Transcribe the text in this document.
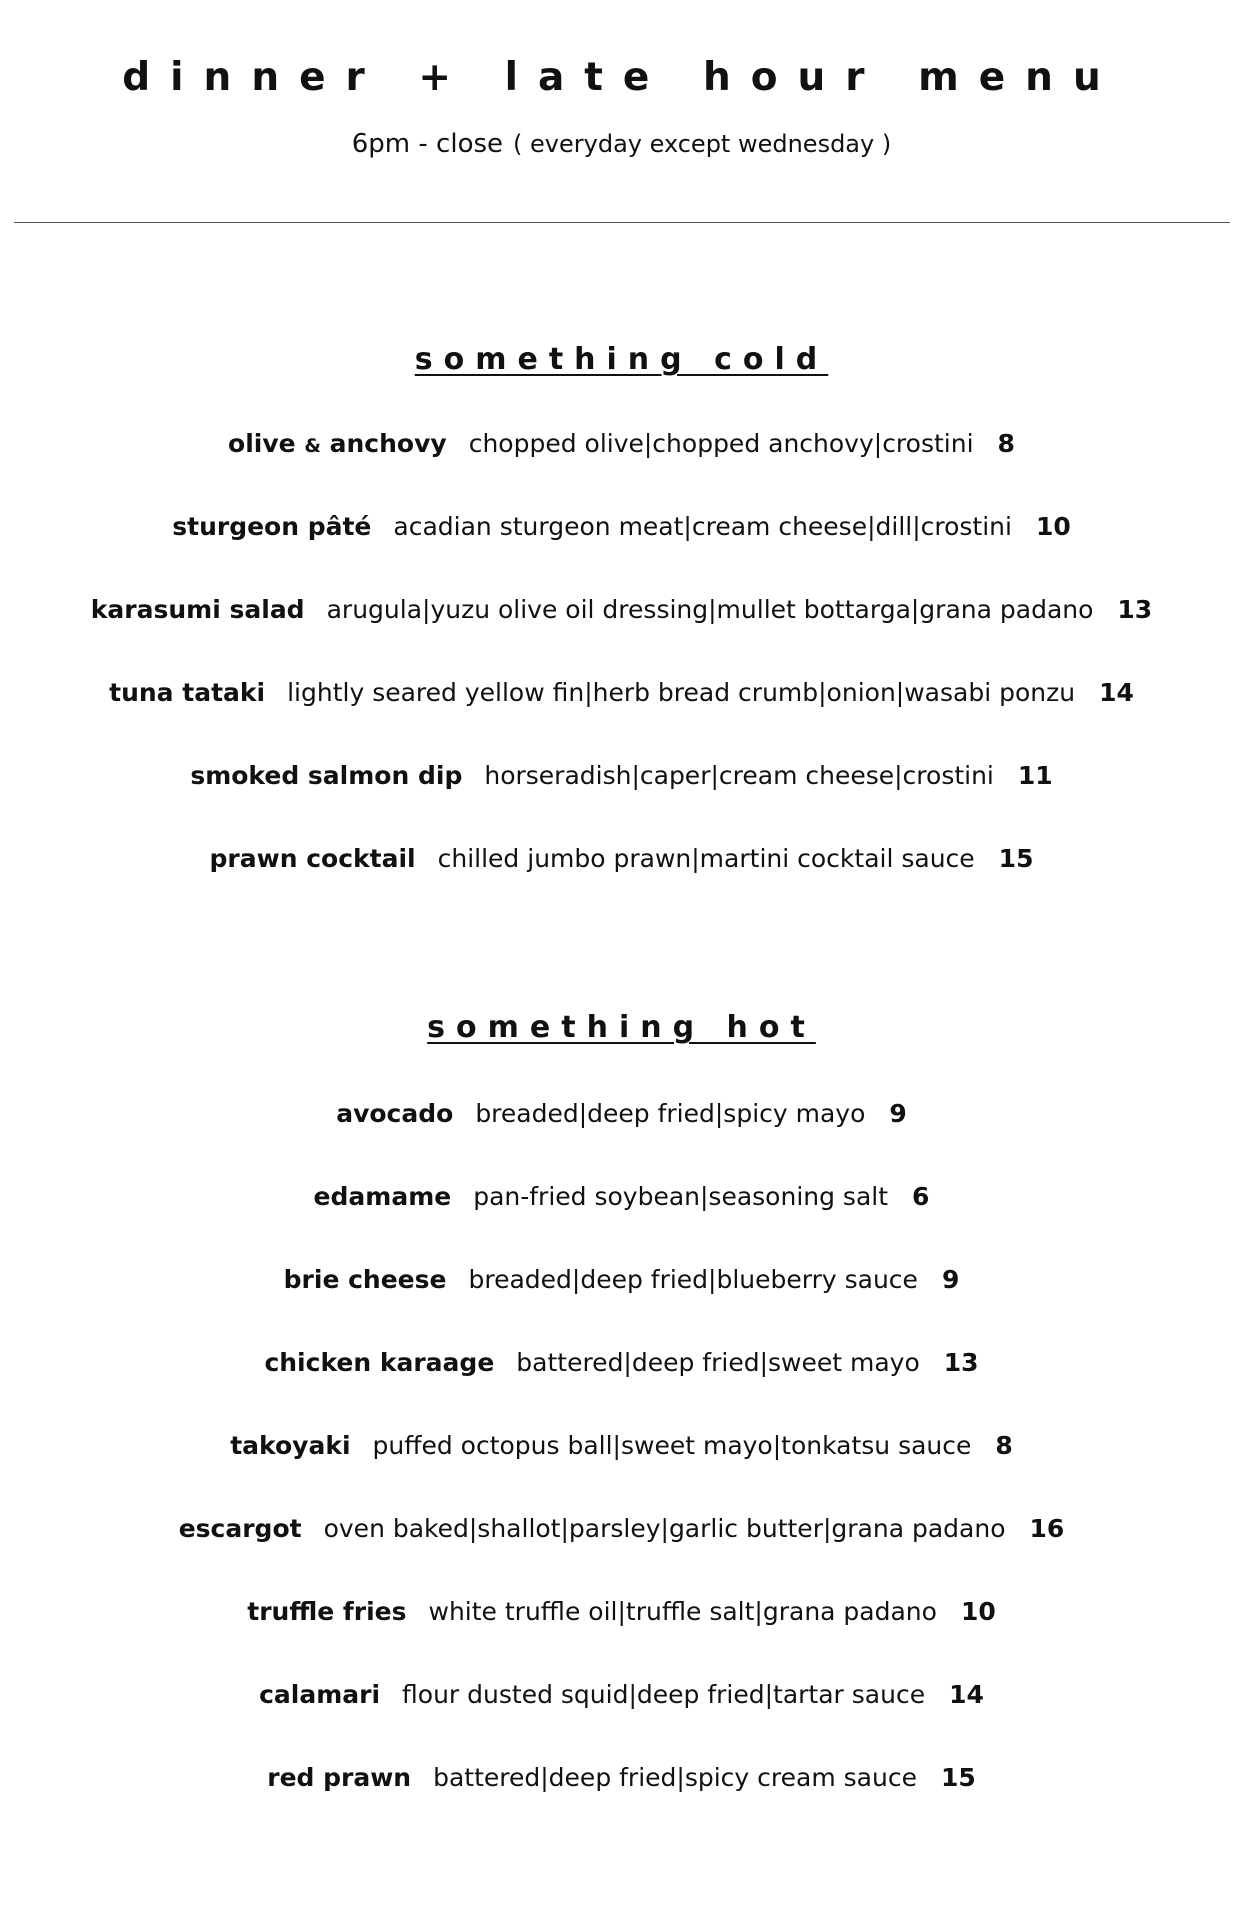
dinner + late hour menu
6pm - close ( everyday except wednesday )
something cold
olive & anchovy chopped olive|chopped anchovy|crostini 8
sturgeon pâté acadian sturgeon meat|cream cheese|dill|crostini 10
karasumi salad arugula|yuzu olive oil dressing|mullet bottarga|grana padano 13
tuna tataki lightly seared yellow fin|herb bread crumb|onion|wasabi ponzu 14
smoked salmon dip horseradish|caper|cream cheese|crostini 11
prawn cocktail chilled jumbo prawn|martini cocktail sauce 15
something hot
avocado breaded|deep fried|spicy mayo 9
edamame pan-fried soybean|seasoning salt 6
brie cheese breaded|deep fried|blueberry sauce 9
chicken karaage battered|deep fried|sweet mayo 13
takoyaki puffed octopus ball|sweet mayo|tonkatsu sauce 8
escargot oven baked|shallot|parsley|garlic butter|grana padano 16
truffle fries white truffle oil|truffle salt|grana padano 10
calamari flour dusted squid|deep fried|tartar sauce 14
red prawn battered|deep fried|spicy cream sauce 15
